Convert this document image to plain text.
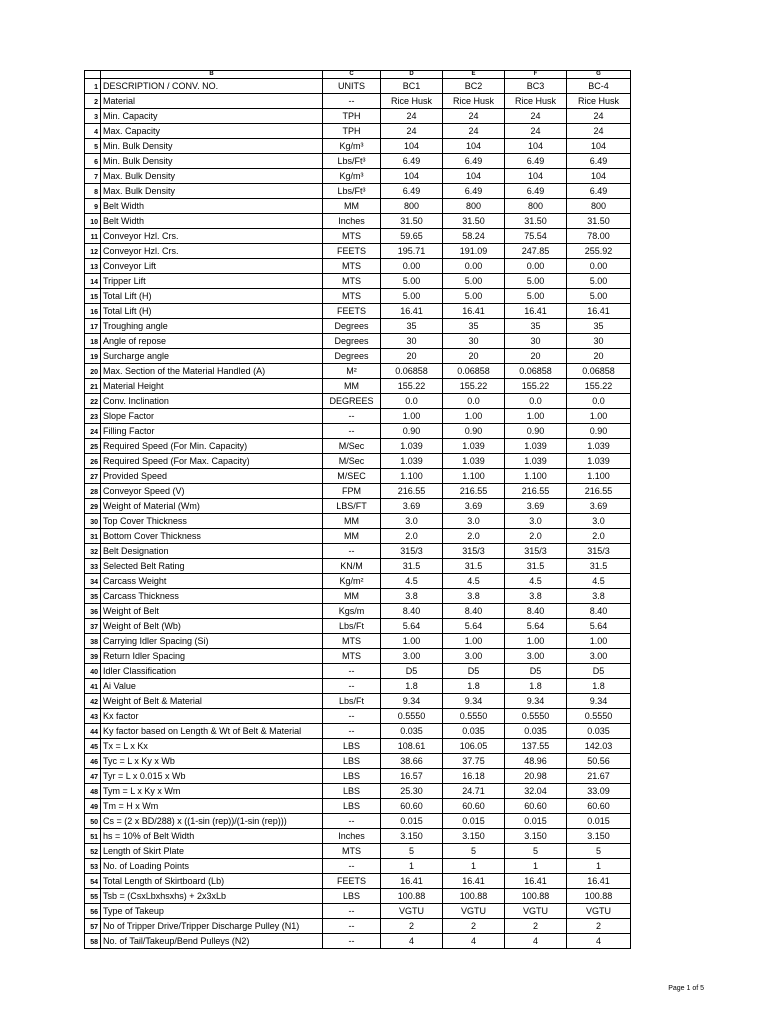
	B	C	D	E	F	G
1	DESCRIPTION / CONV. NO.	UNITS	BC1	BC2	BC3	BC-4
2	Material	--	Rice Husk	Rice Husk	Rice Husk	Rice Husk
3	Min. Capacity	TPH	24	24	24	24
4	Max. Capacity	TPH	24	24	24	24
5	Min. Bulk Density	Kg/m³	104	104	104	104
6	Min. Bulk Density	Lbs/Ft³	6.49	6.49	6.49	6.49
7	Max. Bulk Density	Kg/m³	104	104	104	104
8	Max. Bulk Density	Lbs/Ft³	6.49	6.49	6.49	6.49
9	Belt Width	MM	800	800	800	800
10	Belt Width	Inches	31.50	31.50	31.50	31.50
11	Conveyor Hzl. Crs.	MTS	59.65	58.24	75.54	78.00
12	Conveyor Hzl. Crs.	FEETS	195.71	191.09	247.85	255.92
13	Conveyor Lift	MTS	0.00	0.00	0.00	0.00
14	Tripper Lift	MTS	5.00	5.00	5.00	5.00
15	Total Lift (H)	MTS	5.00	5.00	5.00	5.00
16	Total Lift (H)	FEETS	16.41	16.41	16.41	16.41
17	Troughing angle	Degrees	35	35	35	35
18	Angle of repose	Degrees	30	30	30	30
19	Surcharge angle	Degrees	20	20	20	20
20	Max. Section of the Material Handled (A)	M²	0.06858	0.06858	0.06858	0.06858
21	Material Height	MM	155.22	155.22	155.22	155.22
22	Conv. Inclination	DEGREES	0.0	0.0	0.0	0.0
23	Slope Factor	--	1.00	1.00	1.00	1.00
24	Filling Factor	--	0.90	0.90	0.90	0.90
25	Required Speed (For Min. Capacity)	M/Sec	1.039	1.039	1.039	1.039
26	Required Speed (For Max. Capacity)	M/Sec	1.039	1.039	1.039	1.039
27	Provided Speed	M/SEC	1.100	1.100	1.100	1.100
28	Conveyor Speed (V)	FPM	216.55	216.55	216.55	216.55
29	Weight of Material (Wm)	LBS/FT	3.69	3.69	3.69	3.69
30	Top Cover Thickness	MM	3.0	3.0	3.0	3.0
31	Bottom Cover Thickness	MM	2.0	2.0	2.0	2.0
32	Belt Designation	--	315/3	315/3	315/3	315/3
33	Selected Belt Rating	KN/M	31.5	31.5	31.5	31.5
34	Carcass Weight	Kg/m²	4.5	4.5	4.5	4.5
35	Carcass Thickness	MM	3.8	3.8	3.8	3.8
36	Weight of Belt	Kgs/m	8.40	8.40	8.40	8.40
37	Weight of Belt (Wb)	Lbs/Ft	5.64	5.64	5.64	5.64
38	Carrying Idler Spacing (Si)	MTS	1.00	1.00	1.00	1.00
39	Return Idler Spacing	MTS	3.00	3.00	3.00	3.00
40	Idler Classification	--	D5	D5	D5	D5
41	Ai Value	--	1.8	1.8	1.8	1.8
42	Weight of Belt & Material	Lbs/Ft	9.34	9.34	9.34	9.34
43	Kx factor	--	0.5550	0.5550	0.5550	0.5550
44	Ky factor based on Length & Wt of Belt & Material	--	0.035	0.035	0.035	0.035
45	Tx = L x Kx	LBS	108.61	106.05	137.55	142.03
46	Tyc = L x Ky x Wb	LBS	38.66	37.75	48.96	50.56
47	Tyr = L x 0.015 x Wb	LBS	16.57	16.18	20.98	21.67
48	Tym = L x Ky x Wm	LBS	25.30	24.71	32.04	33.09
49	Tm = H x Wm	LBS	60.60	60.60	60.60	60.60
50	Cs = (2 x BD/288) x ((1-sin (rep))/(1-sin (rep)))	--	0.015	0.015	0.015	0.015
51	hs = 10% of Belt Width	Inches	3.150	3.150	3.150	3.150
52	Length of Skirt Plate	MTS	5	5	5	5
53	No. of Loading Points	--	1	1	1	1
54	Total Length of Skirtboard (Lb)	FEETS	16.41	16.41	16.41	16.41
55	Tsb = (CsxLbxhsxhs) + 2x3xLb	LBS	100.88	100.88	100.88	100.88
56	Type of Takeup	--	VGTU	VGTU	VGTU	VGTU
57	No of Tripper Drive/Tripper Discharge Pulley (N1)	--	2	2	2	2
58	No. of Tail/Takeup/Bend Pulleys (N2)	--	4	4	4	4
Page 1 of 5
